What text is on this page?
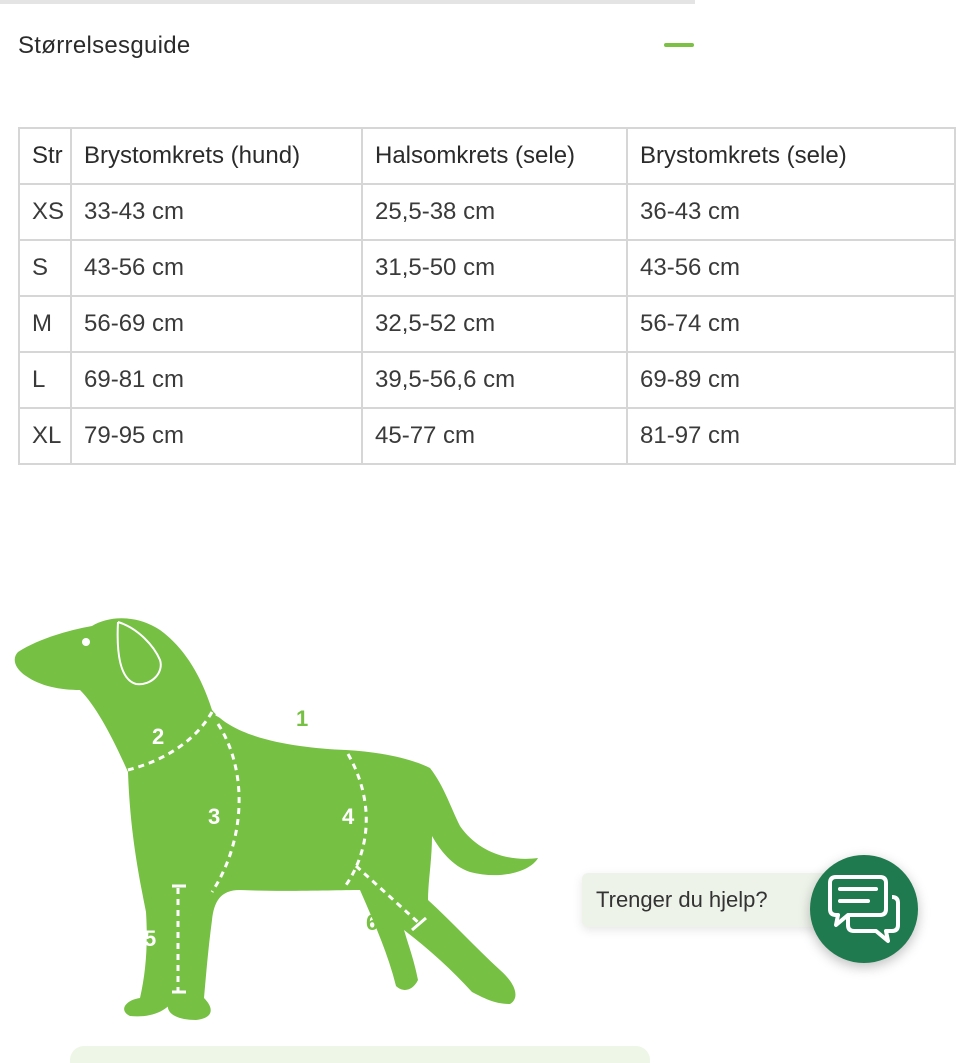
Størrelsesguide
Str	Brystomkrets (hund)	Halsomkrets (sele)	Brystomkrets (sele)
XS	33-43 cm	25,5-38 cm	36-43 cm
S	43-56 cm	31,5-50 cm	43-56 cm
M	56-69 cm	32,5-52 cm	56-74 cm
L	69-81 cm	39,5-56,6 cm	69-89 cm
XL	79-95 cm	45-77 cm	81-97 cm
2
3	4
5
1
6
Trenger du hjelp?
